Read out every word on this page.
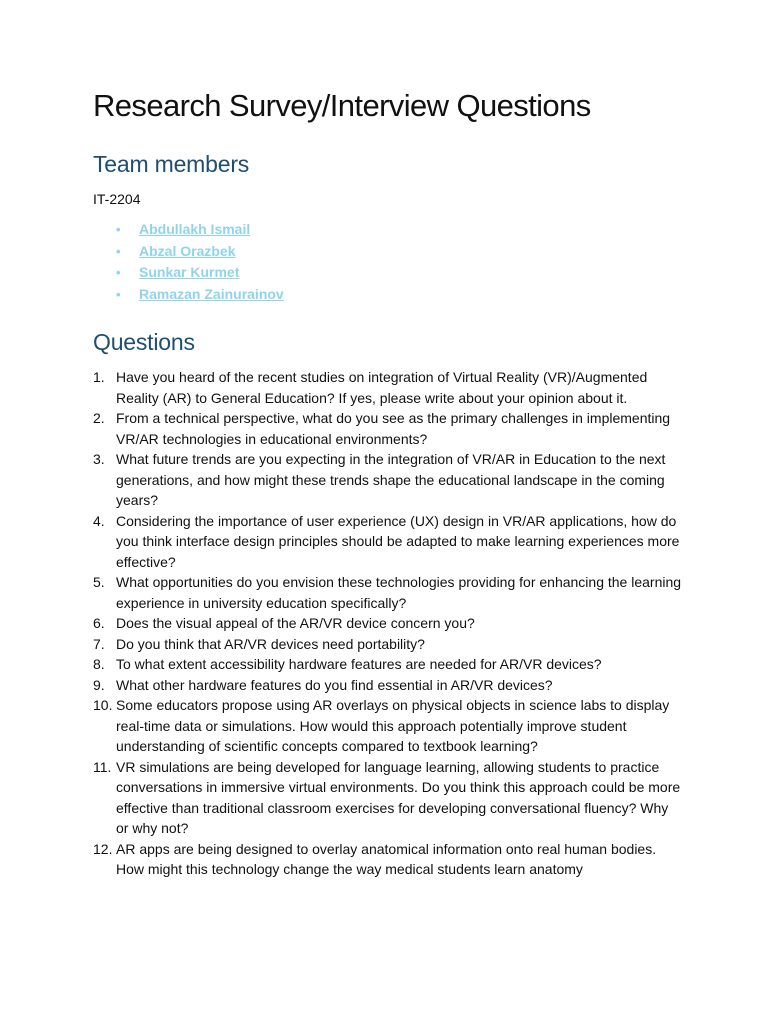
Research Survey/Interview Questions
Team members

IT-2204

• Abdullakh Ismail
• Abzal Orazbek
• Sunkar Kurmet
• Ramazan Zainurainov
Questions
1. Have you heard of the recent studies on integration of Virtual Reality (VR)/Augmented Reality (AR) to General Education? If yes, please write about your opinion about it.
2. From a technical perspective, what do you see as the primary challenges in implementing VR/AR technologies in educational environments?
3. What future trends are you expecting in the integration of VR/AR in Education to the next generations, and how might these trends shape the educational landscape in the coming years?
4. Considering the importance of user experience (UX) design in VR/AR applications, how do you think interface design principles should be adapted to make learning experiences more effective?
5. What opportunities do you envision these technologies providing for enhancing the learning experience in university education specifically?
6. Does the visual appeal of the AR/VR device concern you?
7. Do you think that AR/VR devices need portability?
8. To what extent accessibility hardware features are needed for AR/VR devices?
9. What other hardware features do you find essential in AR/VR devices?
10. Some educators propose using AR overlays on physical objects in science labs to display real-time data or simulations. How would this approach potentially improve student understanding of scientific concepts compared to textbook learning?
11. VR simulations are being developed for language learning, allowing students to practice conversations in immersive virtual environments. Do you think this approach could be more effective than traditional classroom exercises for developing conversational fluency? Why or why not?
12. AR apps are being designed to overlay anatomical information onto real human bodies. How might this technology change the way medical students learn anatomy
